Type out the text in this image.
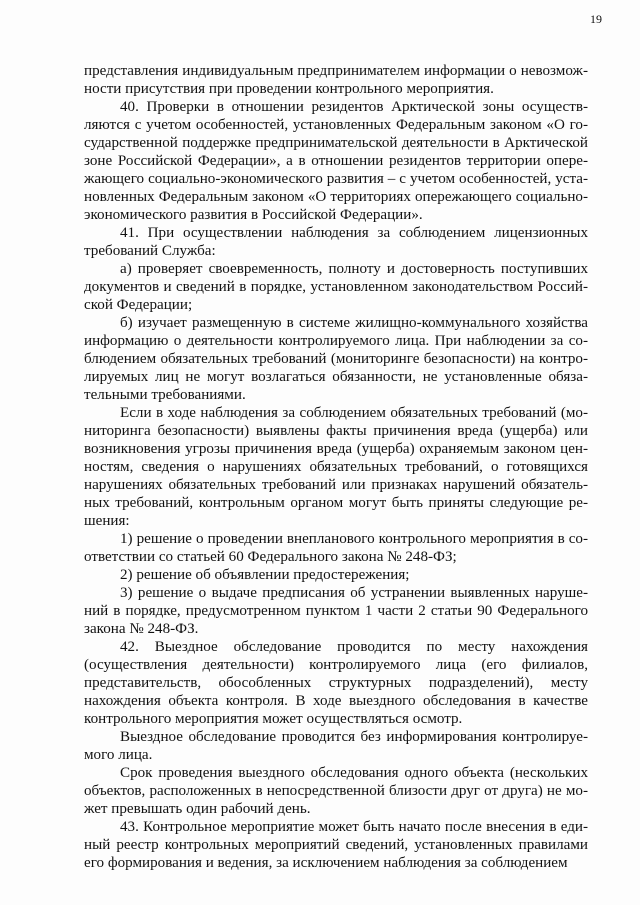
19

представления индивидуальным предпринимателем информации о невозможности присутствия при проведении контрольного мероприятия.

40. Проверки в отношении резидентов Арктической зоны осуществляются с учетом особенностей, установленных Федеральным законом «О государственной поддержке предпринимательской деятельности в Арктической зоне Российской Федерации», а в отношении резидентов территории опережающего социально-экономического развития – с учетом особенностей, установленных Федеральным законом «О территориях опережающего социально-экономического развития в Российской Федерации».

41. При осуществлении наблюдения за соблюдением лицензионных требований Служба:

а) проверяет своевременность, полноту и достоверность поступивших документов и сведений в порядке, установленном законодательством Российской Федерации;

б) изучает размещенную в системе жилищно-коммунального хозяйства информацию о деятельности контролируемого лица. При наблюдении за соблюдением обязательных требований (мониторинге безопасности) на контролируемых лиц не могут возлагаться обязанности, не установленные обязательными требованиями.

Если в ходе наблюдения за соблюдением обязательных требований (мониторинга безопасности) выявлены факты причинения вреда (ущерба) или возникновения угрозы причинения вреда (ущерба) охраняемым законом ценностям, сведения о нарушениях обязательных требований, о готовящихся нарушениях обязательных требований или признаках нарушений обязательных требований, контрольным органом могут быть приняты следующие решения:

1) решение о проведении внепланового контрольного мероприятия в соответствии со статьей 60 Федерального закона № 248-ФЗ;

2) решение об объявлении предостережения;

3) решение о выдаче предписания об устранении выявленных нарушений в порядке, предусмотренном пунктом 1 части 2 статьи 90 Федерального закона № 248-ФЗ.

42. Выездное обследование проводится по месту нахождения (осуществления деятельности) контролируемого лица (его филиалов, представительств, обособленных структурных подразделений), месту нахождения объекта контроля. В ходе выездного обследования в качестве контрольного мероприятия может осуществляться осмотр.

Выездное обследование проводится без информирования контролируемого лица.

Срок проведения выездного обследования одного объекта (нескольких объектов, расположенных в непосредственной близости друг от друга) не может превышать один рабочий день.

43. Контрольное мероприятие может быть начато после внесения в единый реестр контрольных мероприятий сведений, установленных правилами его формирования и ведения, за исключением наблюдения за соблюдением
